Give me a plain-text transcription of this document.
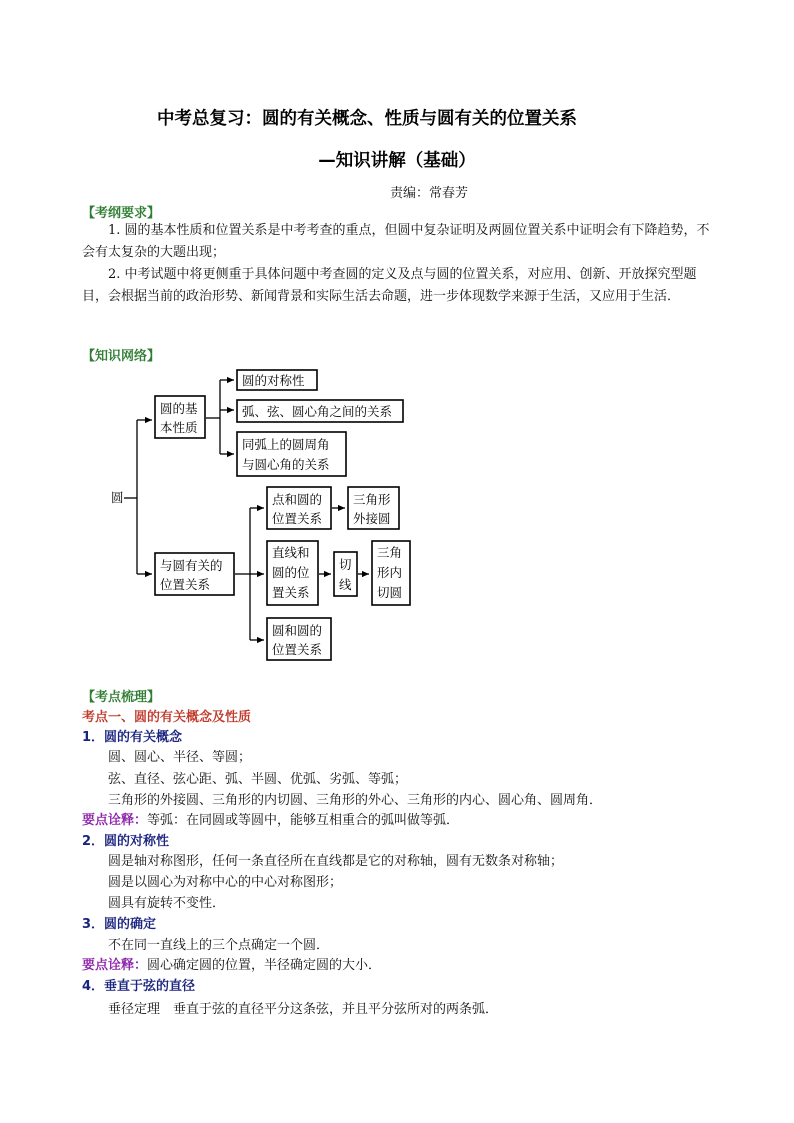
中考总复习：圆的有关概念、性质与圆有关的位置关系
—知识讲解（基础）
责编：常春芳
【考纲要求】
1. 圆的基本性质和位置关系是中考考查的重点，但圆中复杂证明及两圆位置关系中证明会有下降趋势，不会有太复杂的大题出现；
2. 中考试题中将更侧重于具体问题中考查圆的定义及点与圆的位置关系，对应用、创新、开放探究型题目，会根据当前的政治形势、新闻背景和实际生活去命题，进一步体现数学来源于生活，又应用于生活．
【知识网络】
圆
圆的基
本性质
圆的对称性
弧、弦、圆心角之间的关系
同弧上的圆周角
与圆心角的关系
与圆有关的
位置关系
点和圆的
位置关系
三角形
外接圆
直线和
圆的位
置关系
切
线
三角
形内
切圆
圆和圆的
位置关系
【考点梳理】
考点一、圆的有关概念及性质
1．圆的有关概念
圆、圆心、半径、等圆；
弦、直径、弦心距、弧、半圆、优弧、劣弧、等弧；
三角形的外接圆、三角形的内切圆、三角形的外心、三角形的内心、圆心角、圆周角．
要点诠释：等弧：在同圆或等圆中，能够互相重合的弧叫做等弧．
2．圆的对称性
圆是轴对称图形，任何一条直径所在直线都是它的对称轴，圆有无数条对称轴；
圆是以圆心为对称中心的中心对称图形；
圆具有旋转不变性．
3．圆的确定
不在同一直线上的三个点确定一个圆．
要点诠释：圆心确定圆的位置，半径确定圆的大小．
4．垂直于弦的直径
垂径定理　垂直于弦的直径平分这条弦，并且平分弦所对的两条弧．
